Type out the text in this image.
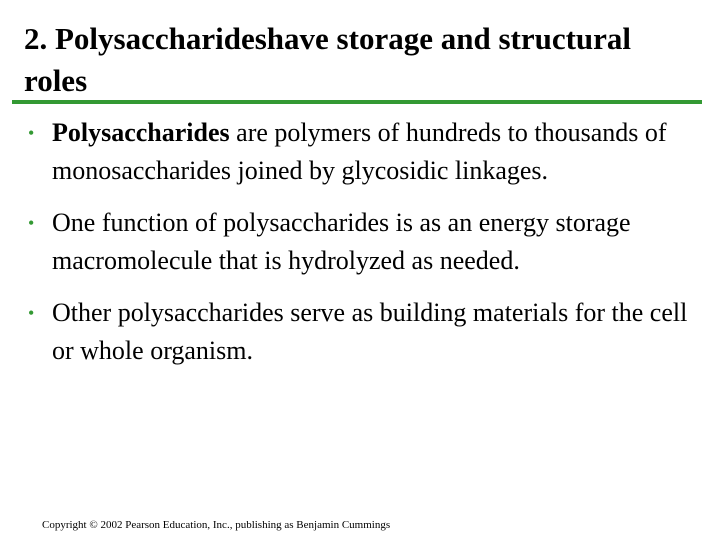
2. Polysaccharideshave storage and structural roles
• Polysaccharides are polymers of hundreds to thousands of monosaccharides joined by glycosidic linkages.
• One function of polysaccharides is as an energy storage macromolecule that is hydrolyzed as needed.
• Other polysaccharides serve as building materials for the cell or whole organism.
Copyright © 2002 Pearson Education, Inc., publishing as Benjamin Cummings
